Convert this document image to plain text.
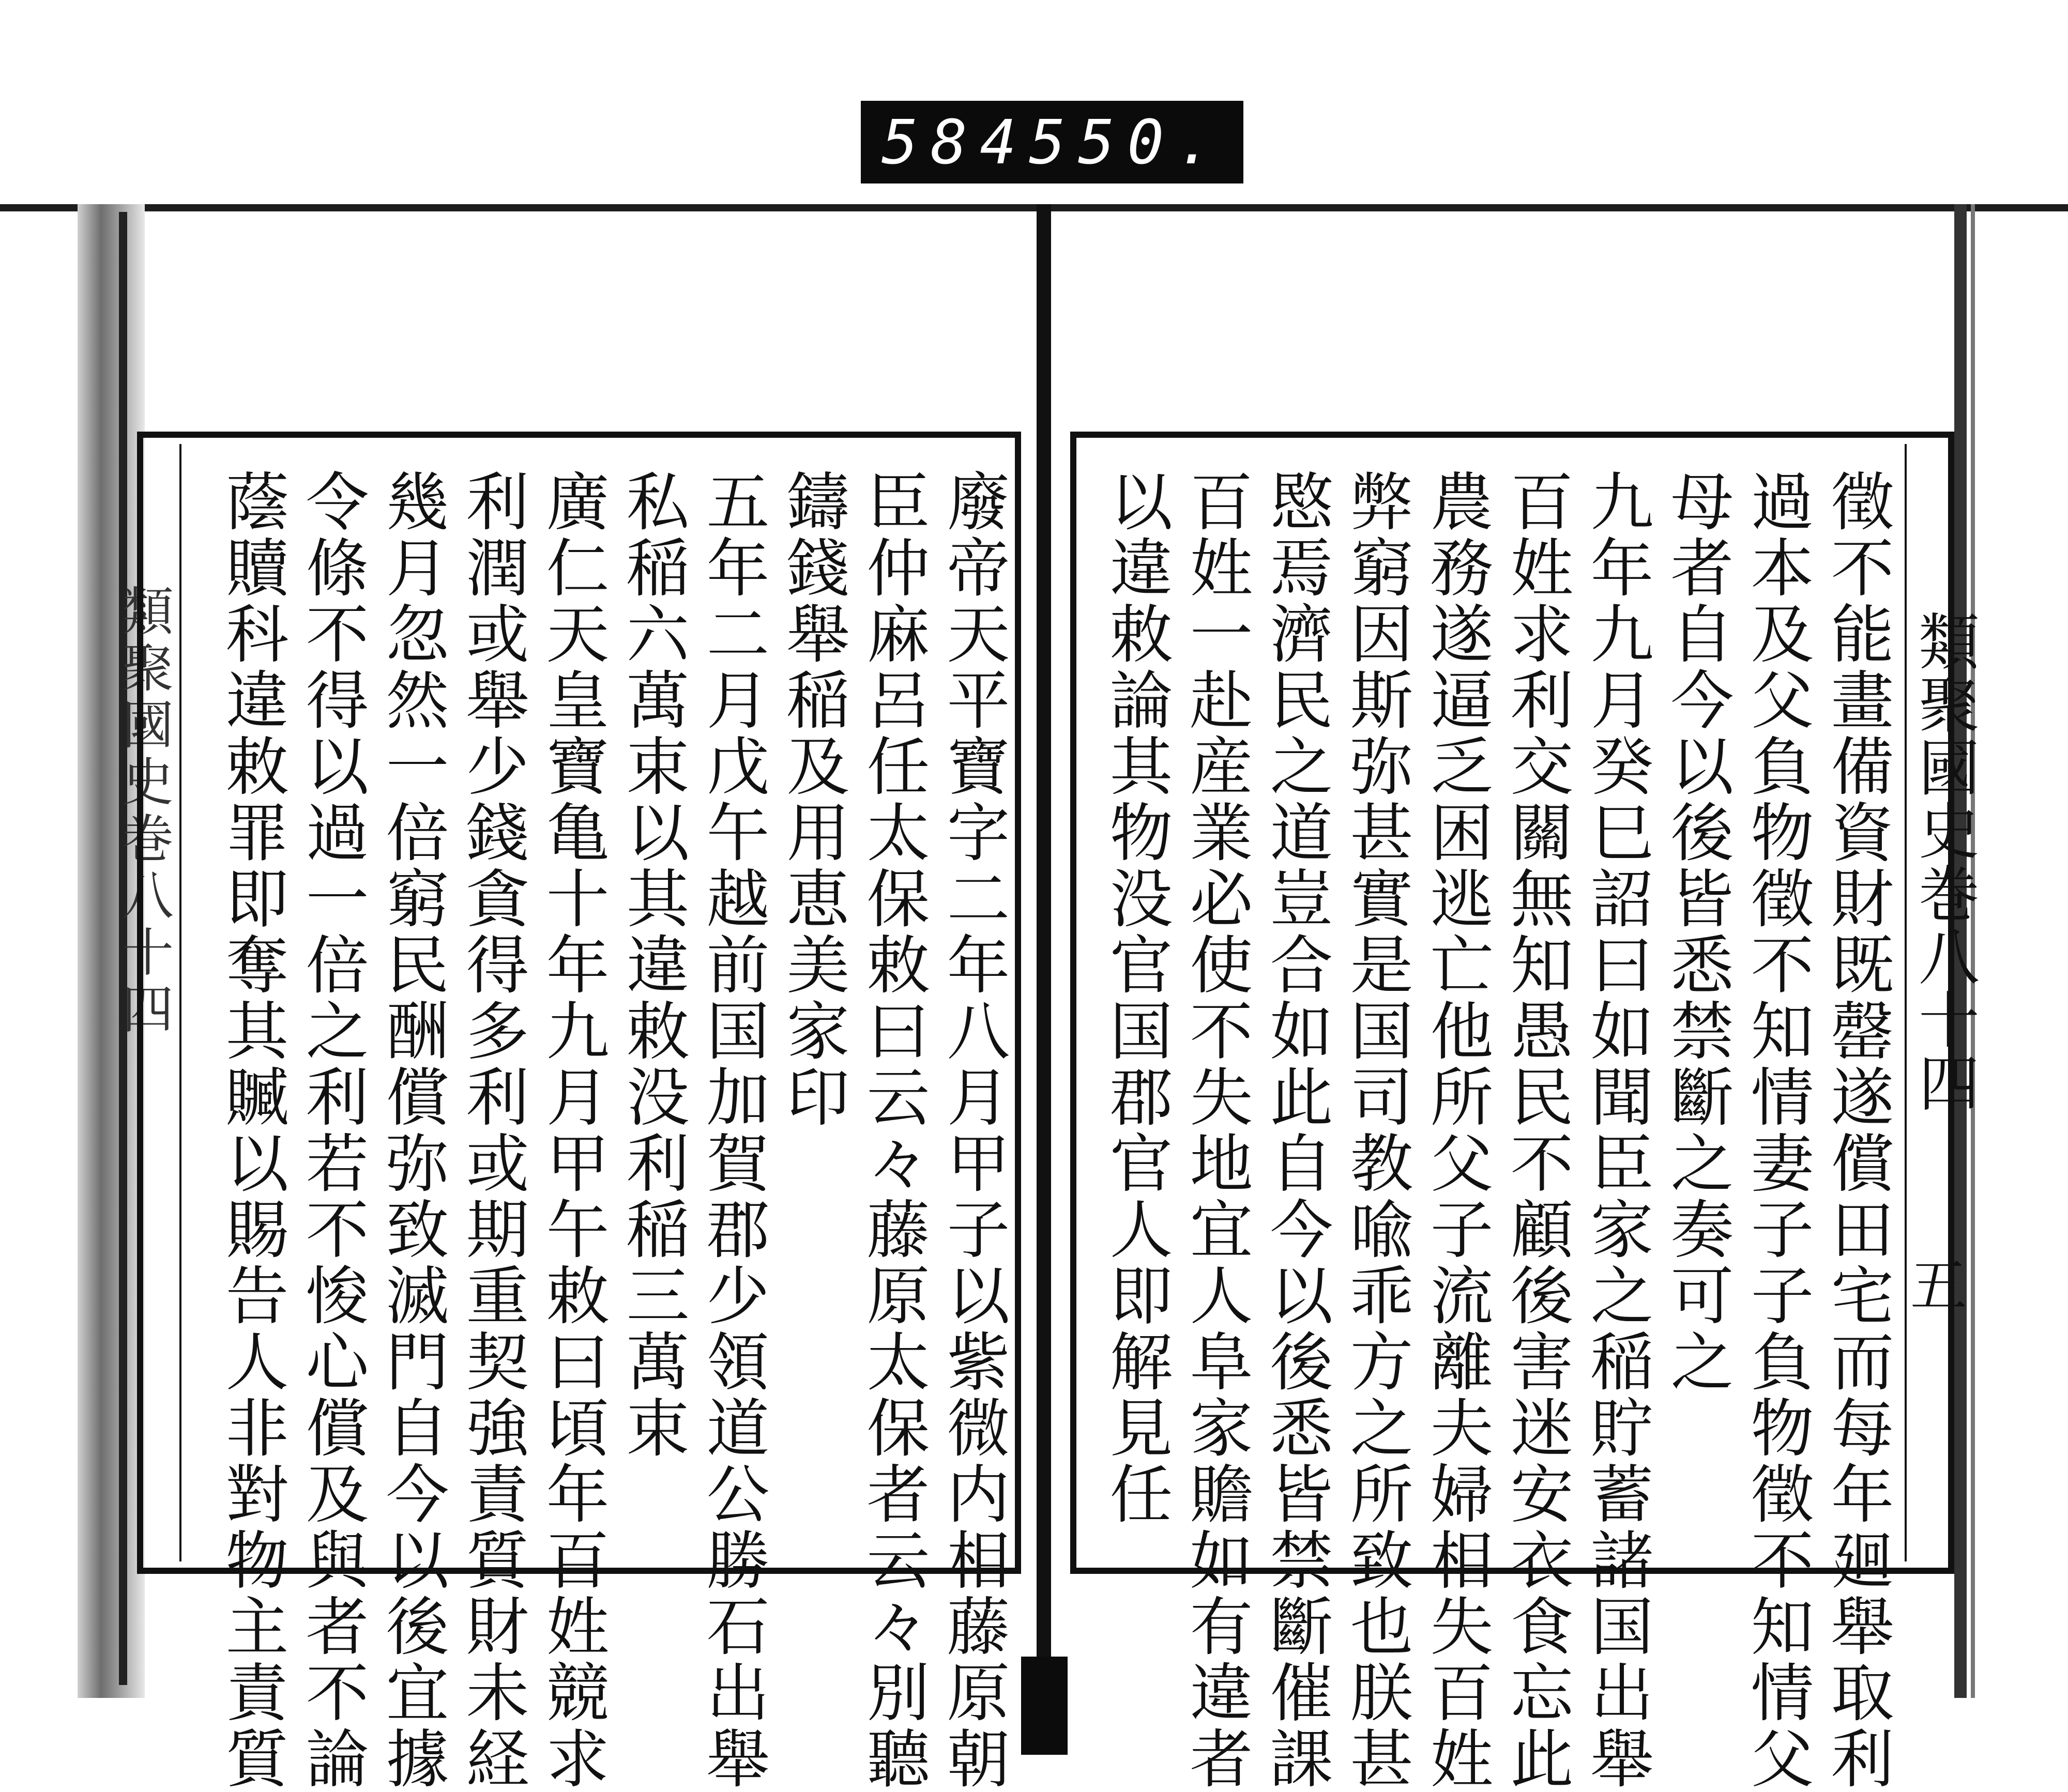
584 550.
類聚國史巻八十四	廢帝天平寶字二年八月甲子以紫微内相藤原朝
臣仲麻呂任太保敕曰云々藤原太保者云々別聽
鑄錢舉稲及用恵美家印
五年二月戊午越前国加賀郡少領道公勝石出舉
私稲六萬束以其違敕没利稲三萬束
廣仁天皇寶亀十年九月甲午敕曰頃年百姓競求
利潤或舉少錢貪得多利或期重契強責質財未経
幾月忽然一倍窮民酬償弥致滅門自今以後宜據
令條不得以過一倍之利若不悛心償及與者不論
蔭贖科違敕罪即奪其贓以賜告人非對物主責質	類聚國史巻八十四
五
徵不能畫備資財既罄遂償田宅而每年廻舉取利
過本及父負物徵不知情妻子子負物徵不知情父
母者自今以後皆悉禁斷之奏可之
九年九月癸巳詔曰如聞臣家之稲貯蓄諸国出舉
百姓求利交關無知愚民不顧後害迷安衣食忘此
農務遂逼乏困逃亡他所父子流離夫婦相失百姓
弊窮因斯弥甚實是国司教喩乖方之所致也朕甚
愍焉濟民之道豈合如此自今以後悉皆禁斷催課
百姓一赴産業必使不失地宜人阜家贍如有違者
以違敕論其物没官国郡官人即解見任
